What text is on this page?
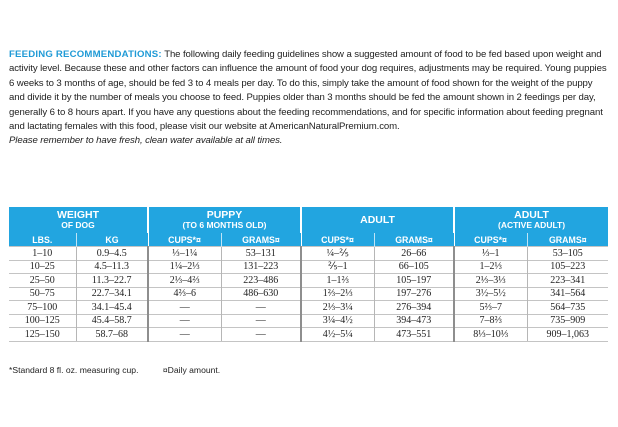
FEEDING RECOMMENDATIONS: The following daily feeding guidelines show a suggested amount of food to be fed based upon weight and activity level. Because these and other factors can influence the amount of food your dog requires, adjustments may be required. Young puppies 6 weeks to 3 months of age, should be fed 3 to 4 meals per day. To do this, simply take the amount of food shown for the weight of the puppy and divide it by the number of meals you choose to feed. Puppies older than 3 months should be fed the amount shown in 2 feedings per day, generally 6 to 8 hours apart. If you have any questions about the feeding recommendations, and for specific information about feeding pregnant and lactating females with this food, please visit our website at AmericanNaturalPremium.com.
Please remember to have fresh, clean water available at all times.
WEIGHT
OF DOG		PUPPY
(TO 6 MONTHS OLD)		ADULT		ADULT
(ACTIVE ADULT)	

LBS.	KG	CUPS*¤	GRAMS¤	CUPS*¤	GRAMS¤	CUPS*¤	GRAMS¤
1–10	0.9–4.5	⅓–1¼	53–131	¼–⅖	26–66	⅓–1	53–105
10–25	4.5–11.3	1¼–2⅓	131–223	⅖–1	66–105	1–2⅓	105–223
25–50	11.3–22.7	2⅓–4⅔	223–486	1–1⅔	105–197	2⅓–3⅓	223–341
50–75	22.7–34.1	4⅔–6	486–630	1⅔–2⅓	197–276	3½–5½	341–564
75–100	34.1–45.4	—	—	2⅓–3¼	276–394	5⅔–7	564–735
100–125	45.4–58.7	—	—	3¼–4½	394–473	7–8⅔	735–909
125–150	58.7–68	—	—	4½–5¼	473–551	8⅓–10⅓	909–1,063
*Standard 8 fl. oz. measuring cup.	¤Daily amount.
